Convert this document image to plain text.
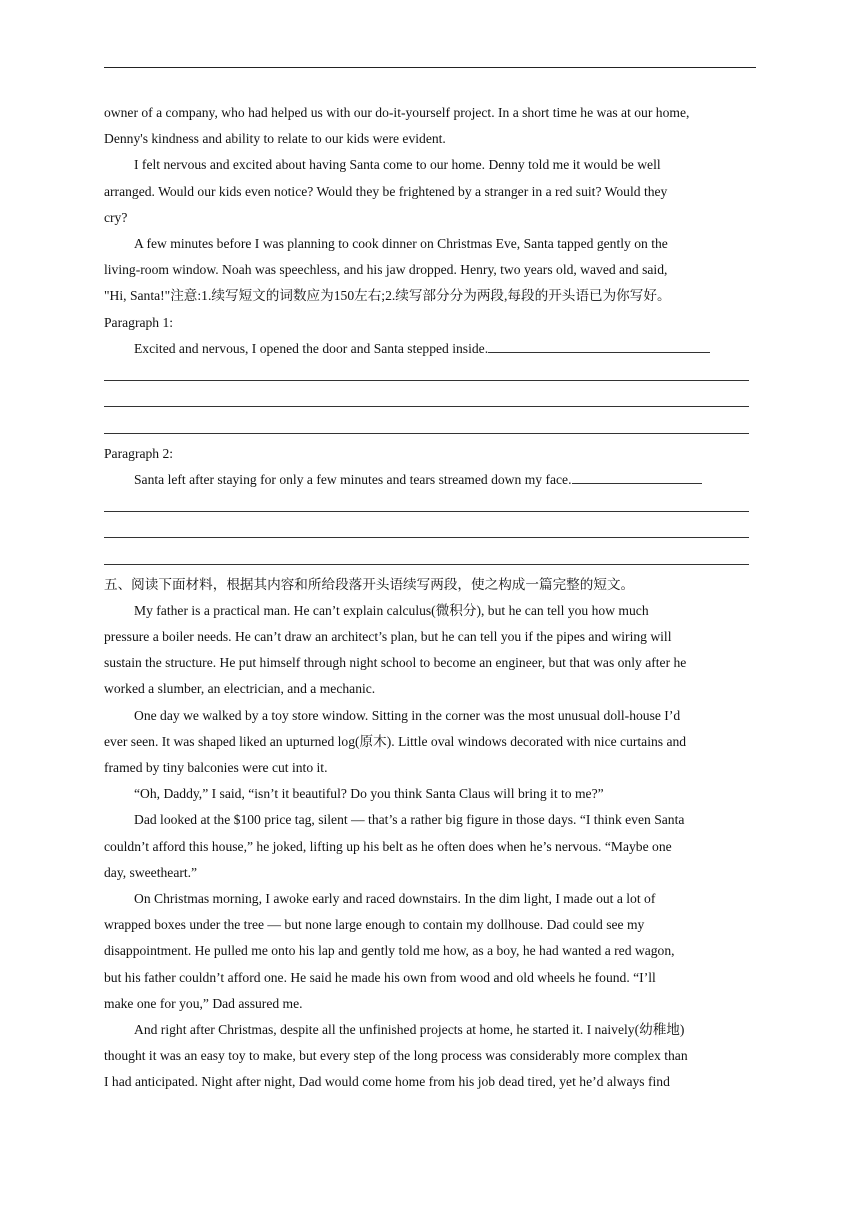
owner of a company, who had helped us with our do-it-yourself project. In a short time he was at our home,

Denny's kindness and ability to relate to our kids were evident.

I felt nervous and excited about having Santa come to our home. Denny told me it would be well

arranged. Would our kids even notice? Would they be frightened by a stranger in a red suit? Would they

cry?

A few minutes before I was planning to cook dinner on Christmas Eve, Santa tapped gently on the

living-room window. Noah was speechless, and his jaw dropped. Henry, two years old, waved and said,

"Hi, Santa!"注意:1.续写短文的词数应为150左右;2.续写部分分为两段,每段的开头语已为你写好。

Paragraph 1:

Excited and nervous, I opened the door and Santa stepped inside.

Paragraph 2:

Santa left after staying for only a few minutes and tears streamed down my face.

五、阅读下面材料，根据其内容和所给段落开头语续写两段，使之构成一篇完整的短文。

My father is a practical man. He can’t explain calculus(微积分), but he can tell you how much

pressure a boiler needs. He can’t draw an architect’s plan, but he can tell you if the pipes and wiring will

sustain the structure. He put himself through night school to become an engineer, but that was only after he

worked a slumber, an electrician, and a mechanic.

One day we walked by a toy store window. Sitting in the corner was the most unusual doll-house I’d

ever seen. It was shaped liked an upturned log(原木). Little oval windows decorated with nice curtains and

framed by tiny balconies were cut into it.

“Oh, Daddy,” I said, “isn’t it beautiful? Do you think Santa Claus will bring it to me?”

Dad looked at the $100 price tag, silent — that’s a rather big figure in those days. “I think even Santa

couldn’t afford this house,” he joked, lifting up his belt as he often does when he’s nervous. “Maybe one

day, sweetheart.”

On Christmas morning, I awoke early and raced downstairs. In the dim light, I made out a lot of

wrapped boxes under the tree — but none large enough to contain my dollhouse. Dad could see my

disappointment. He pulled me onto his lap and gently told me how, as a boy, he had wanted a red wagon,

but his father couldn’t afford one. He said he made his own from wood and old wheels he found. “I’ll

make one for you,” Dad assured me.

And right after Christmas, despite all the unfinished projects at home, he started it. I naively(幼稚地)

thought it was an easy toy to make, but every step of the long process was considerably more complex than

I had anticipated. Night after night, Dad would come home from his job dead tired, yet he’d always find
